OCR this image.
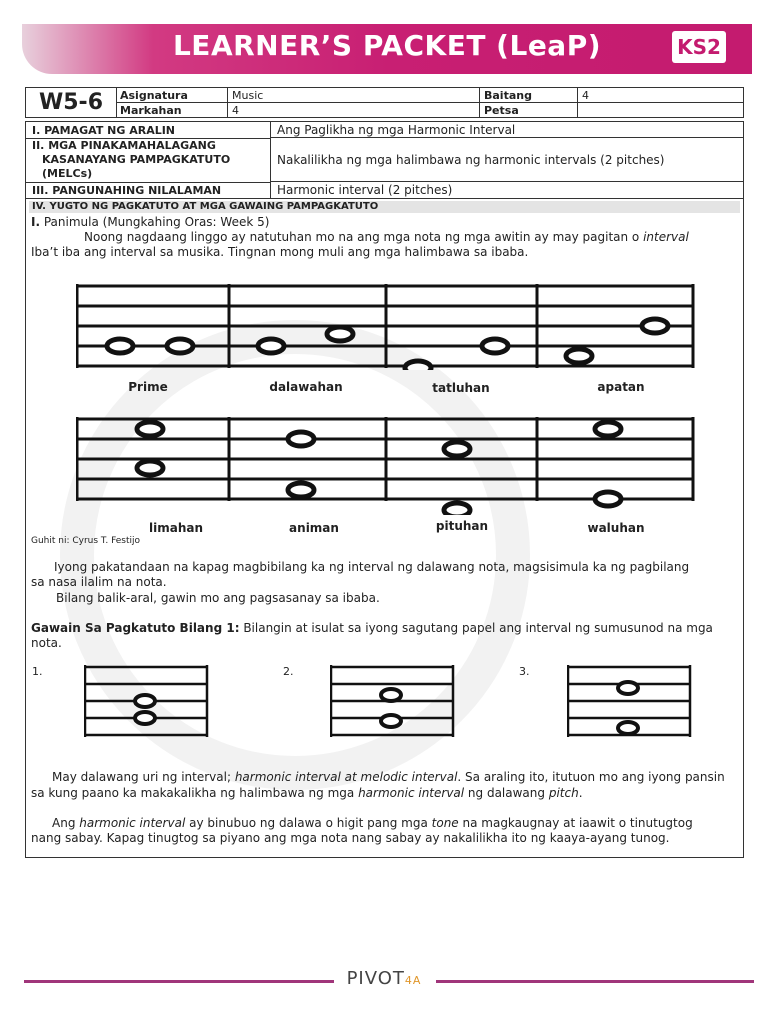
LEARNER’S PACKET (LeaP)	KS2
W5-6	Asignatura	Music	Baitang	4
Markahan	4	Petsa
I. PAMAGAT NG ARALIN	Ang Paglikha ng mga Harmonic Interval
II. MGA PINAKAMAHALAGANG
KASANAYANG PAMPAGKATUTO
(MELCs)
Nakalilikha ng mga halimbawa ng harmonic intervals (2 pitches)
III. PANGUNAHING NILALAMAN	Harmonic interval (2 pitches)
IV. YUGTO NG PAGKATUTO AT MGA GAWAING PAMPAGKATUTO
I. Panimula (Mungkahing Oras: Week 5)
Noong nagdaang linggo ay natutuhan mo na ang mga nota ng mga awitin ay may pagitan o interval
Iba’t iba ang interval sa musika. Tingnan mong muli ang mga halimbawa sa ibaba.
Prime	dalawahan	tatluhan	apatan
limahan	animan	pituhan	waluhan
Guhit ni: Cyrus T. Festijo
Iyong pakatandaan na kapag magbibilang ka ng interval ng dalawang nota, magsisimula ka ng pagbilang
sa nasa ilalim na nota.
Bilang balik-aral, gawin mo ang pagsasanay sa ibaba.
Gawain Sa Pagkatuto Bilang 1: Bilangin at isulat sa iyong sagutang papel ang interval ng sumusunod na mga
nota.
1.	2.	3.
May dalawang uri ng interval; harmonic interval at melodic interval. Sa araling ito, itutuon mo ang iyong pansin
sa kung paano ka makakalikha ng halimbawa ng mga harmonic interval ng dalawang pitch.
Ang harmonic interval ay binubuo ng dalawa o higit pang mga tone na magkaugnay at iaawit o tinutugtog
nang sabay. Kapag tinugtog sa piyano ang mga nota nang sabay ay nakalilikha ito ng kaaya-ayang tunog.
PIVOT4A
